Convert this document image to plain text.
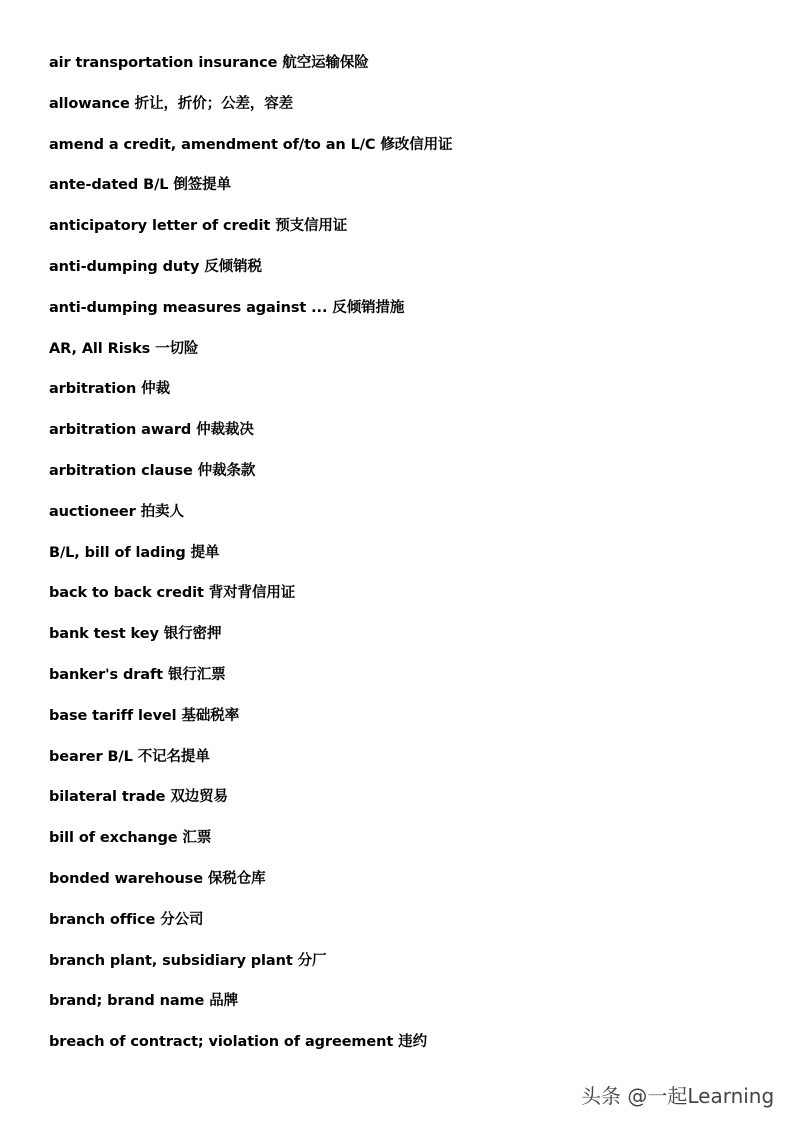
air transportation insurance 航空运输保险
allowance 折让，折价；公差，容差
amend a credit, amendment of/to an L/C 修改信用证
ante-dated B/L 倒签提单
anticipatory letter of credit 预支信用证
anti-dumping duty 反倾销税
anti-dumping measures against ... 反倾销措施
AR, All Risks 一切险
arbitration 仲裁
arbitration award 仲裁裁决
arbitration clause 仲裁条款
auctioneer 拍卖人
B/L, bill of lading 提单
back to back credit 背对背信用证
bank test key 银行密押
banker's draft 银行汇票
base tariff level 基础税率
bearer B/L 不记名提单
bilateral trade 双边贸易
bill of exchange 汇票
bonded warehouse 保税仓库
branch office 分公司
branch plant, subsidiary plant 分厂
brand; brand name 品牌
breach of contract; violation of agreement 违约
头条 @一起Learning
